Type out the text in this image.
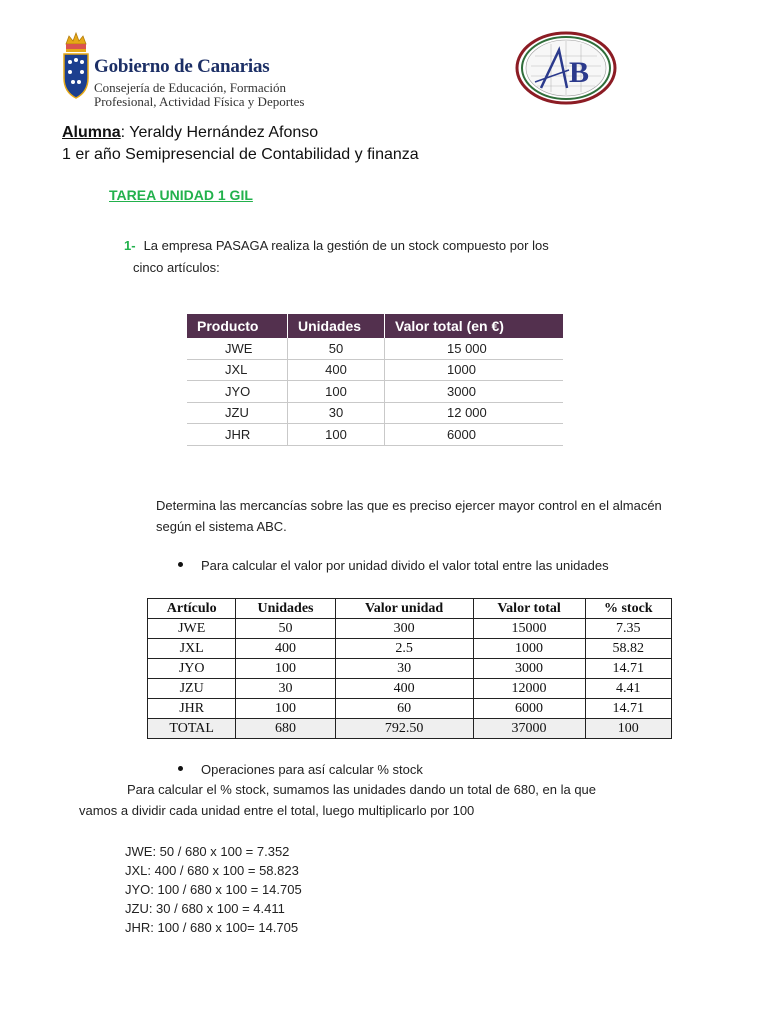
Gobierno de Canarias
Consejería de Educación, Formación
Profesional, Actividad Física y Deportes
B
Alumna: Yeraldy Hernández Afonso
1 er año Semipresencial de Contabilidad y finanza
TAREA UNIDAD 1 GIL
1- La empresa PASAGA realiza la gestión de un stock compuesto por los
cinco artículos:
Producto	Unidades	Valor total (en €)
JWE	50	15 000
JXL	400	1000
JYO	100	3000
JZU	30	12 000
JHR	100	6000
Determina las mercancías sobre las que es preciso ejercer mayor control en el almacén según el sistema ABC.
Para calcular el valor por unidad divido el valor total entre las unidades
Artículo	Unidades	Valor unidad	Valor total	% stock
JWE	50	300	15000	7.35
JXL	400	2.5	1000	58.82
JYO	100	30	3000	14.71
JZU	30	400	12000	4.41
JHR	100	60	6000	14.71
TOTAL	680	792.50	37000	100
Operaciones para así calcular % stock
Para calcular el % stock, sumamos las unidades dando un total de 680, en la que
vamos a dividir cada unidad entre el total, luego multiplicarlo por 100
JWE: 50 / 680 x 100 = 7.352
JXL: 400 / 680 x 100 = 58.823
JYO: 100 / 680 x 100 = 14.705
JZU: 30 / 680 x 100 = 4.411
JHR: 100 / 680 x 100= 14.705
